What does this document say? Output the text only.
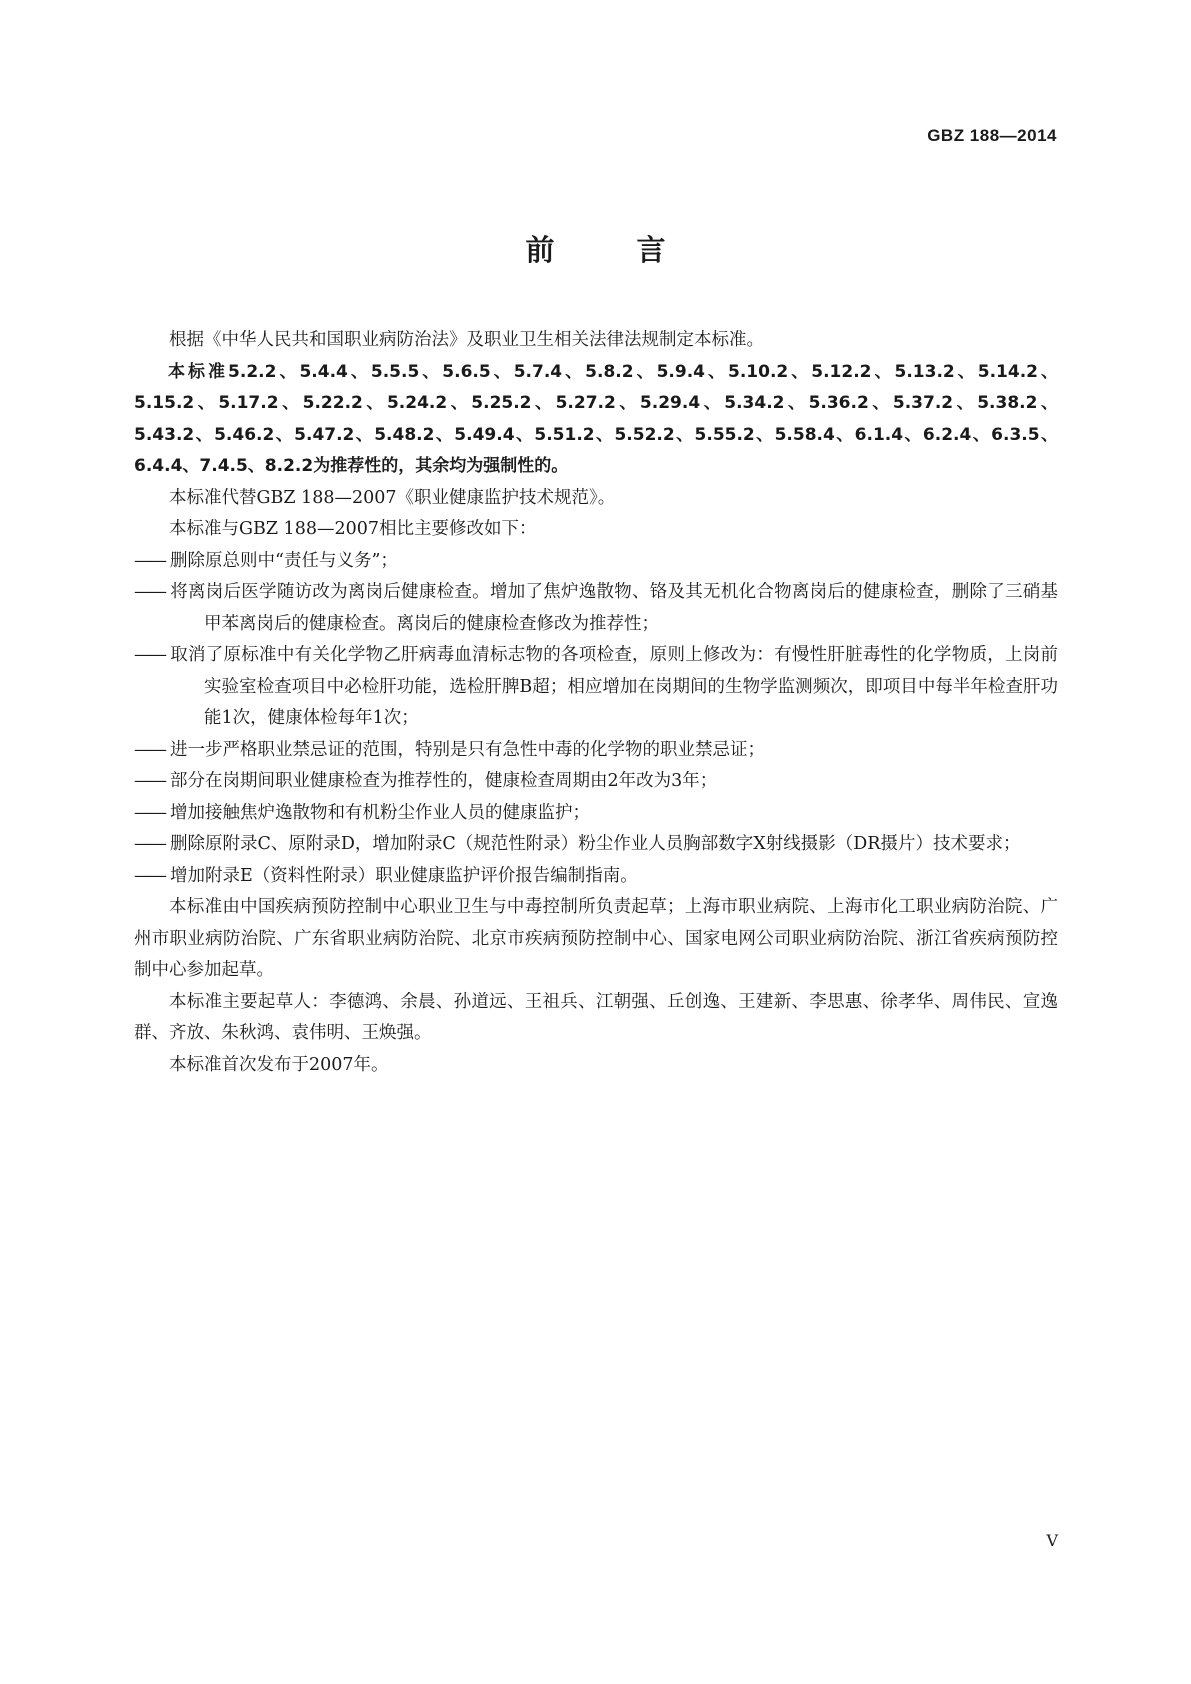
GBZ 188—2014
前 言

根据《中华人民共和国职业病防治法》及职业卫生相关法律法规制定本标准。

本标准5.2.2、5.4.4、5.5.5、5.6.5、5.7.4、5.8.2、5.9.4、5.10.2、5.12.2、5.13.2、5.14.2、5.15.2、5.17.2、5.22.2、5.24.2、5.25.2、5.27.2、5.29.4、5.34.2、5.36.2、5.37.2、5.38.2、5.43.2、5.46.2、5.47.2、5.48.2、5.49.4、5.51.2、5.52.2、5.55.2、5.58.4、6.1.4、6.2.4、6.3.5、6.4.4、7.4.5、8.2.2为推荐性的，其余均为强制性的。

本标准代替GBZ 188—2007《职业健康监护技术规范》。

本标准与GBZ 188—2007相比主要修改如下：

—— 删除原总则中“责任与义务”；

—— 将离岗后医学随访改为离岗后健康检查。增加了焦炉逸散物、铬及其无机化合物离岗后的健康检查，删除了三硝基甲苯离岗后的健康检查。离岗后的健康检查修改为推荐性；

—— 取消了原标准中有关化学物乙肝病毒血清标志物的各项检查，原则上修改为：有慢性肝脏毒性的化学物质，上岗前实验室检查项目中必检肝功能，选检肝脾B超；相应增加在岗期间的生物学监测频次，即项目中每半年检查肝功能1次，健康体检每年1次；

—— 进一步严格职业禁忌证的范围，特别是只有急性中毒的化学物的职业禁忌证；

—— 部分在岗期间职业健康检查为推荐性的，健康检查周期由2年改为3年；

—— 增加接触焦炉逸散物和有机粉尘作业人员的健康监护；

—— 删除原附录C、原附录D，增加附录C（规范性附录）粉尘作业人员胸部数字X射线摄影（DR摄片）技术要求；

—— 增加附录E（资料性附录）职业健康监护评价报告编制指南。

本标准由中国疾病预防控制中心职业卫生与中毒控制所负责起草；上海市职业病院、上海市化工职业病防治院、广州市职业病防治院、广东省职业病防治院、北京市疾病预防控制中心、国家电网公司职业病防治院、浙江省疾病预防控制中心参加起草。

本标准主要起草人：李德鸿、余晨、孙道远、王祖兵、江朝强、丘创逸、王建新、李思惠、徐孝华、周伟民、宣逸群、齐放、朱秋鸿、袁伟明、王焕强。

本标准首次发布于2007年。

V
